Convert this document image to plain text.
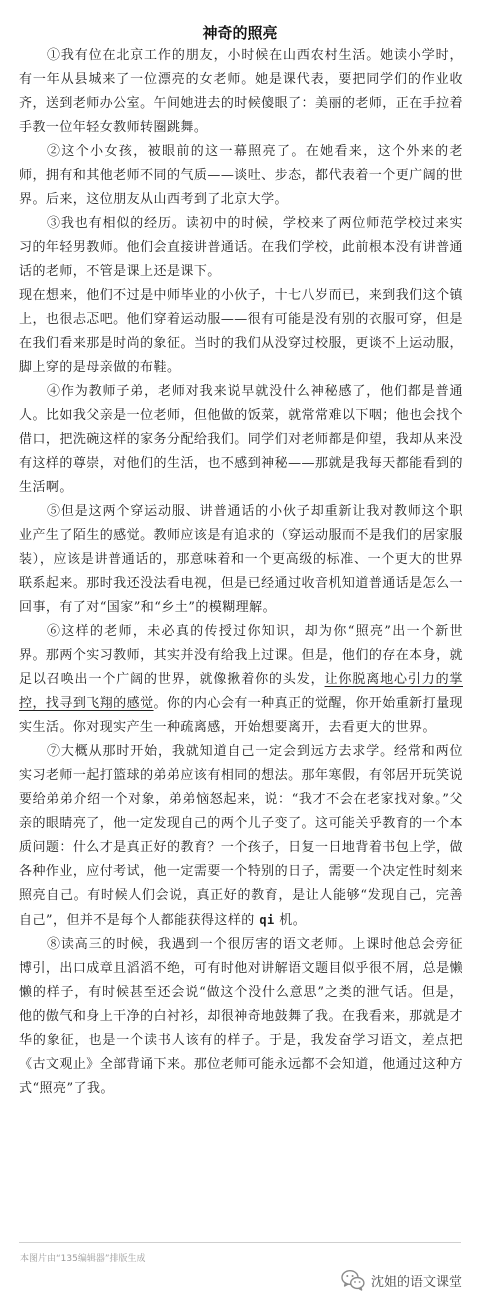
神奇的照亮

①我有位在北京工作的朋友，小时候在山西农村生活。她读小学时，有一年从县城来了一位漂亮的女老师。她是课代表，要把同学们的作业收齐，送到老师办公室。午间她进去的时候傻眼了：美丽的老师，正在手拉着手教一位年轻女教师转圈跳舞。

②这个小女孩，被眼前的这一幕照亮了。在她看来，这个外来的老师，拥有和其他老师不同的气质——谈吐、步态，都代表着一个更广阔的世界。后来，这位朋友从山西考到了北京大学。

③我也有相似的经历。读初中的时候，学校来了两位师范学校过来实习的年轻男教师。他们会直接讲普通话。在我们学校，此前根本没有讲普通话的老师，不管是课上还是课下。

现在想来，他们不过是中师毕业的小伙子，十七八岁而已，来到我们这个镇上，也很忐忑吧。他们穿着运动服——很有可能是没有别的衣服可穿，但是在我们看来那是时尚的象征。当时的我们从没穿过校服，更谈不上运动服，脚上穿的是母亲做的布鞋。

④作为教师子弟，老师对我来说早就没什么神秘感了，他们都是普通人。比如我父亲是一位老师，但他做的饭菜，就常常难以下咽；他也会找个借口，把洗碗这样的家务分配给我们。同学们对老师都是仰望，我却从来没有这样的尊崇，对他们的生活，也不感到神秘——那就是我每天都能看到的生活啊。

⑤但是这两个穿运动服、讲普通话的小伙子却重新让我对教师这个职业产生了陌生的感觉。教师应该是有追求的（穿运动服而不是我们的居家服装），应该是讲普通话的，那意味着和一个更高级的标准、一个更大的世界联系起来。那时我还没法看电视，但是已经通过收音机知道普通话是怎么一回事，有了对“国家”和“乡土”的模糊理解。

⑥这样的老师，未必真的传授过你知识，却为你“照亮”出一个新世界。那两个实习教师，其实并没有给我上过课。但是，他们的存在本身，就足以召唤出一个广阔的世界，就像揪着你的头发，让你脱离地心引力的掌控，找寻到飞翔的感觉。你的内心会有一种真正的觉醒，你开始重新打量现实生活。你对现实产生一种疏离感，开始想要离开，去看更大的世界。

⑦大概从那时开始，我就知道自己一定会到远方去求学。经常和两位实习老师一起打篮球的弟弟应该有相同的想法。那年寒假，有邻居开玩笑说要给弟弟介绍一个对象，弟弟恼怒起来，说：“我才不会在老家找对象。”父亲的眼睛亮了，他一定发现自己的两个儿子变了。这可能关乎教育的一个本质问题：什么才是真正好的教育？一个孩子，日复一日地背着书包上学，做各种作业，应付考试，他一定需要一个特别的日子，需要一个决定性时刻来照亮自己。有时候人们会说，真正好的教育，是让人能够“发现自己，完善自己”，但并不是每个人都能获得这样的 qi 机。

⑧读高三的时候，我遇到一个很厉害的语文老师。上课时他总会旁征博引，出口成章且滔滔不绝，可有时他对讲解语文题目似乎很不屑，总是懒懒的样子，有时候甚至还会说“做这个没什么意思”之类的泄气话。但是，他的傲气和身上干净的白衬衫，却很神奇地鼓舞了我。在我看来，那就是才华的象征，也是一个读书人该有的样子。于是，我发奋学习语文，差点把《古文观止》全部背诵下来。那位老师可能永远都不会知道，他通过这种方式“照亮”了我。

本图片由“135编辑器”排版生成
沈姐的语文课堂
